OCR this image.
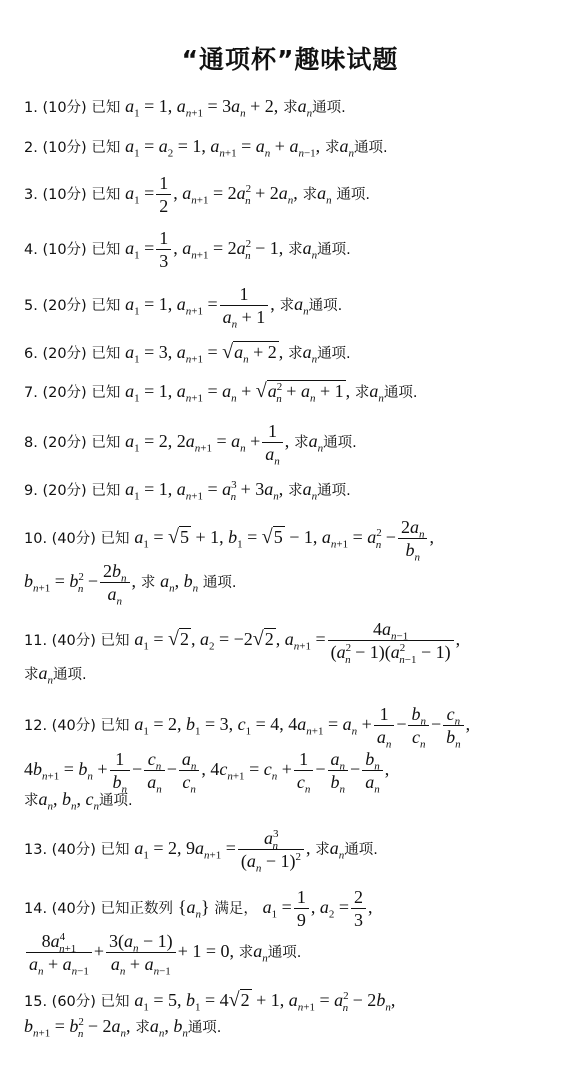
“通项杯”趣味试题
1. (10分) 已知 $a_1 = 1$, $a_{n+1} = 3a_n + 2$, 求$a_n$通项.
2. (10分) 已知 $a_1 = a_2 = 1$, $a_{n+1} = a_n + a_{n-1}$, 求$a_n$通项.
3. (10分) 已知 $a_1 = \frac{1}{2}$ , $a_{n+1} = 2a^2_n + 2a_n$, 求$a_n$ 通项.
4. (10分) 已知 $a_1 = \frac{1}{3}$ , $a_{n+1} = 2a^2_n - 1$, 求$a_n$通项.
5. (20分) 已知 $a_1 = 1$, $a_{n+1} = \frac{1}{a_n + 1}$ , 求$a_n$通项.
6. (20分) 已知 $a_1 = 3$, $a_{n+1} = √a_n + 2$ , 求$a_n$通项.
7. (20分) 已知 $a_1 = 1$, $a_{n+1} = a_n + √a^2_n + a_n + 1$ , 求$a_n$通项.
8. (20分) 已知 $a_1 = 2$, $2a_{n+1} = a_n + \frac{1}{a_n}$ , 求$a_n$通项.
9. (20分) 已知 $a_1 = 1$, $a_{n+1} = a^3_n + 3a_n$, 求$a_n$通项.
10. (40分) 已知 $a_1 = √5 + 1$, $b_1 = √5 - 1$, $a_{n+1} = a^2_n - \frac{2a_n}{b_n}$ ,
$b_{n+1} = b^2_n - \frac{2b_n}{a_n}$ , 求 $a_n$, $b_n$ 通项.
11. (40分) 已知 $a_1 = √2$ , $a_2 = -2√2$ , $a_{n+1} = \frac{4a_{n-1}}{(a^2_n - 1)(a^2_{n-1} - 1)}$ ,
求$a_n$通项.
12. (40分) 已知 $a_1 = 2$, $b_1 = 3$, $c_1 = 4$, $4a_{n+1} = a_n + \frac{1}{a_n} - \frac{b_n}{c_n} - \frac{c_n}{b_n}$ ,
$4b_{n+1} = b_n + \frac{1}{b_n} - \frac{c_n}{a_n} - \frac{a_n}{c_n}$ , $4c_{n+1} = c_n + \frac{1}{c_n} - \frac{a_n}{b_n} - \frac{b_n}{a_n}$ ,
求$a_n$, $b_n$, $c_n$通项.
13. (40分) 已知 $a_1 = 2$, $9a_{n+1} = \frac{a^3_n}{(a_n - 1)^2}$ , 求$a_n$通项.
14. (40分) 已知正数列 $\{a_n\}$ 满足， $a_1 = \frac{1}{9}$ , $a_2 = \frac{2}{3}$ ,
$\frac{8a^4_{n+1}}{a_n + a_{n-1}} + \frac{3(a_n - 1)}{a_n + a_{n-1}} + 1 = 0$, 求$a_n$通项.
15. (60分) 已知 $a_1 = 5$, $b_1 = 4√2 + 1$, $a_{n+1} = a^2_n - 2b_n$,
$b_{n+1} = b^2_n - 2a_n$, 求$a_n$, $b_n$通项.
